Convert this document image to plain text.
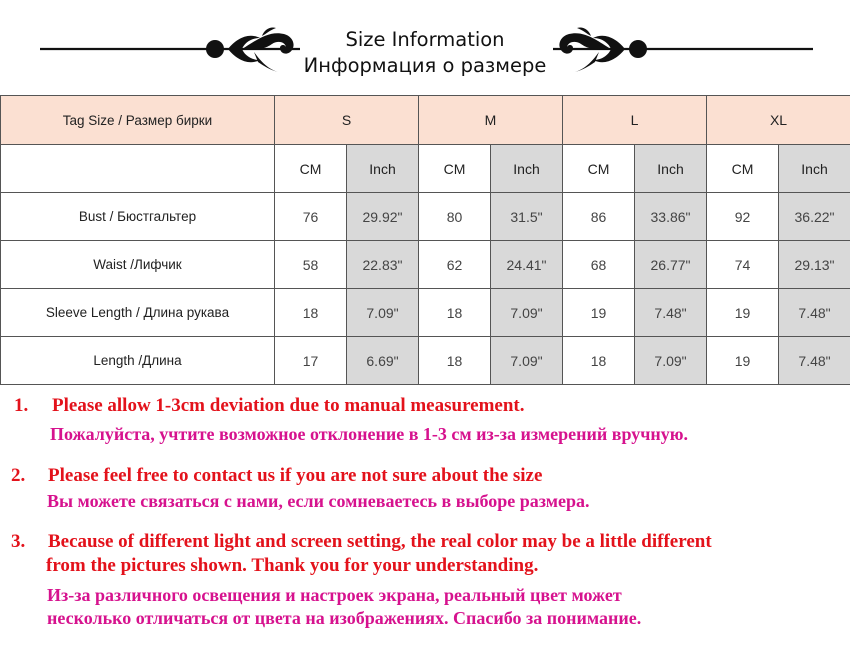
Size Information
Информация о размере
Tag Size / Размер бирки	S		M		L		XL	
	CM	Inch	CM	Inch	CM	Inch	CM	Inch
Bust / Бюстгальтер	76	29.92"	80	31.5"	86	33.86"	92	36.22"
Waist /Лифчик	58	22.83"	62	24.41"	68	26.77"	74	29.13"
Sleeve Length / Длина рукава	18	7.09"	18	7.09"	19	7.48"	19	7.48"
Length /Длина	17	6.69"	18	7.09"	18	7.09"	19	7.48"
1. Please allow 1-3cm deviation due to manual measurement.
Пожалуйста, учтите возможное отклонение в 1-3 см из-за измерений вручную.
2. Please feel free to contact us if you are not sure about the size
Вы можете связаться с нами, если сомневаетесь в выборе размера.
3. Because of different light and screen setting, the real color may be a little different
from the pictures shown. Thank you for your understanding.
Из-за различного освещения и настроек экрана, реальный цвет может
несколько отличаться от цвета на изображениях. Спасибо за понимание.
